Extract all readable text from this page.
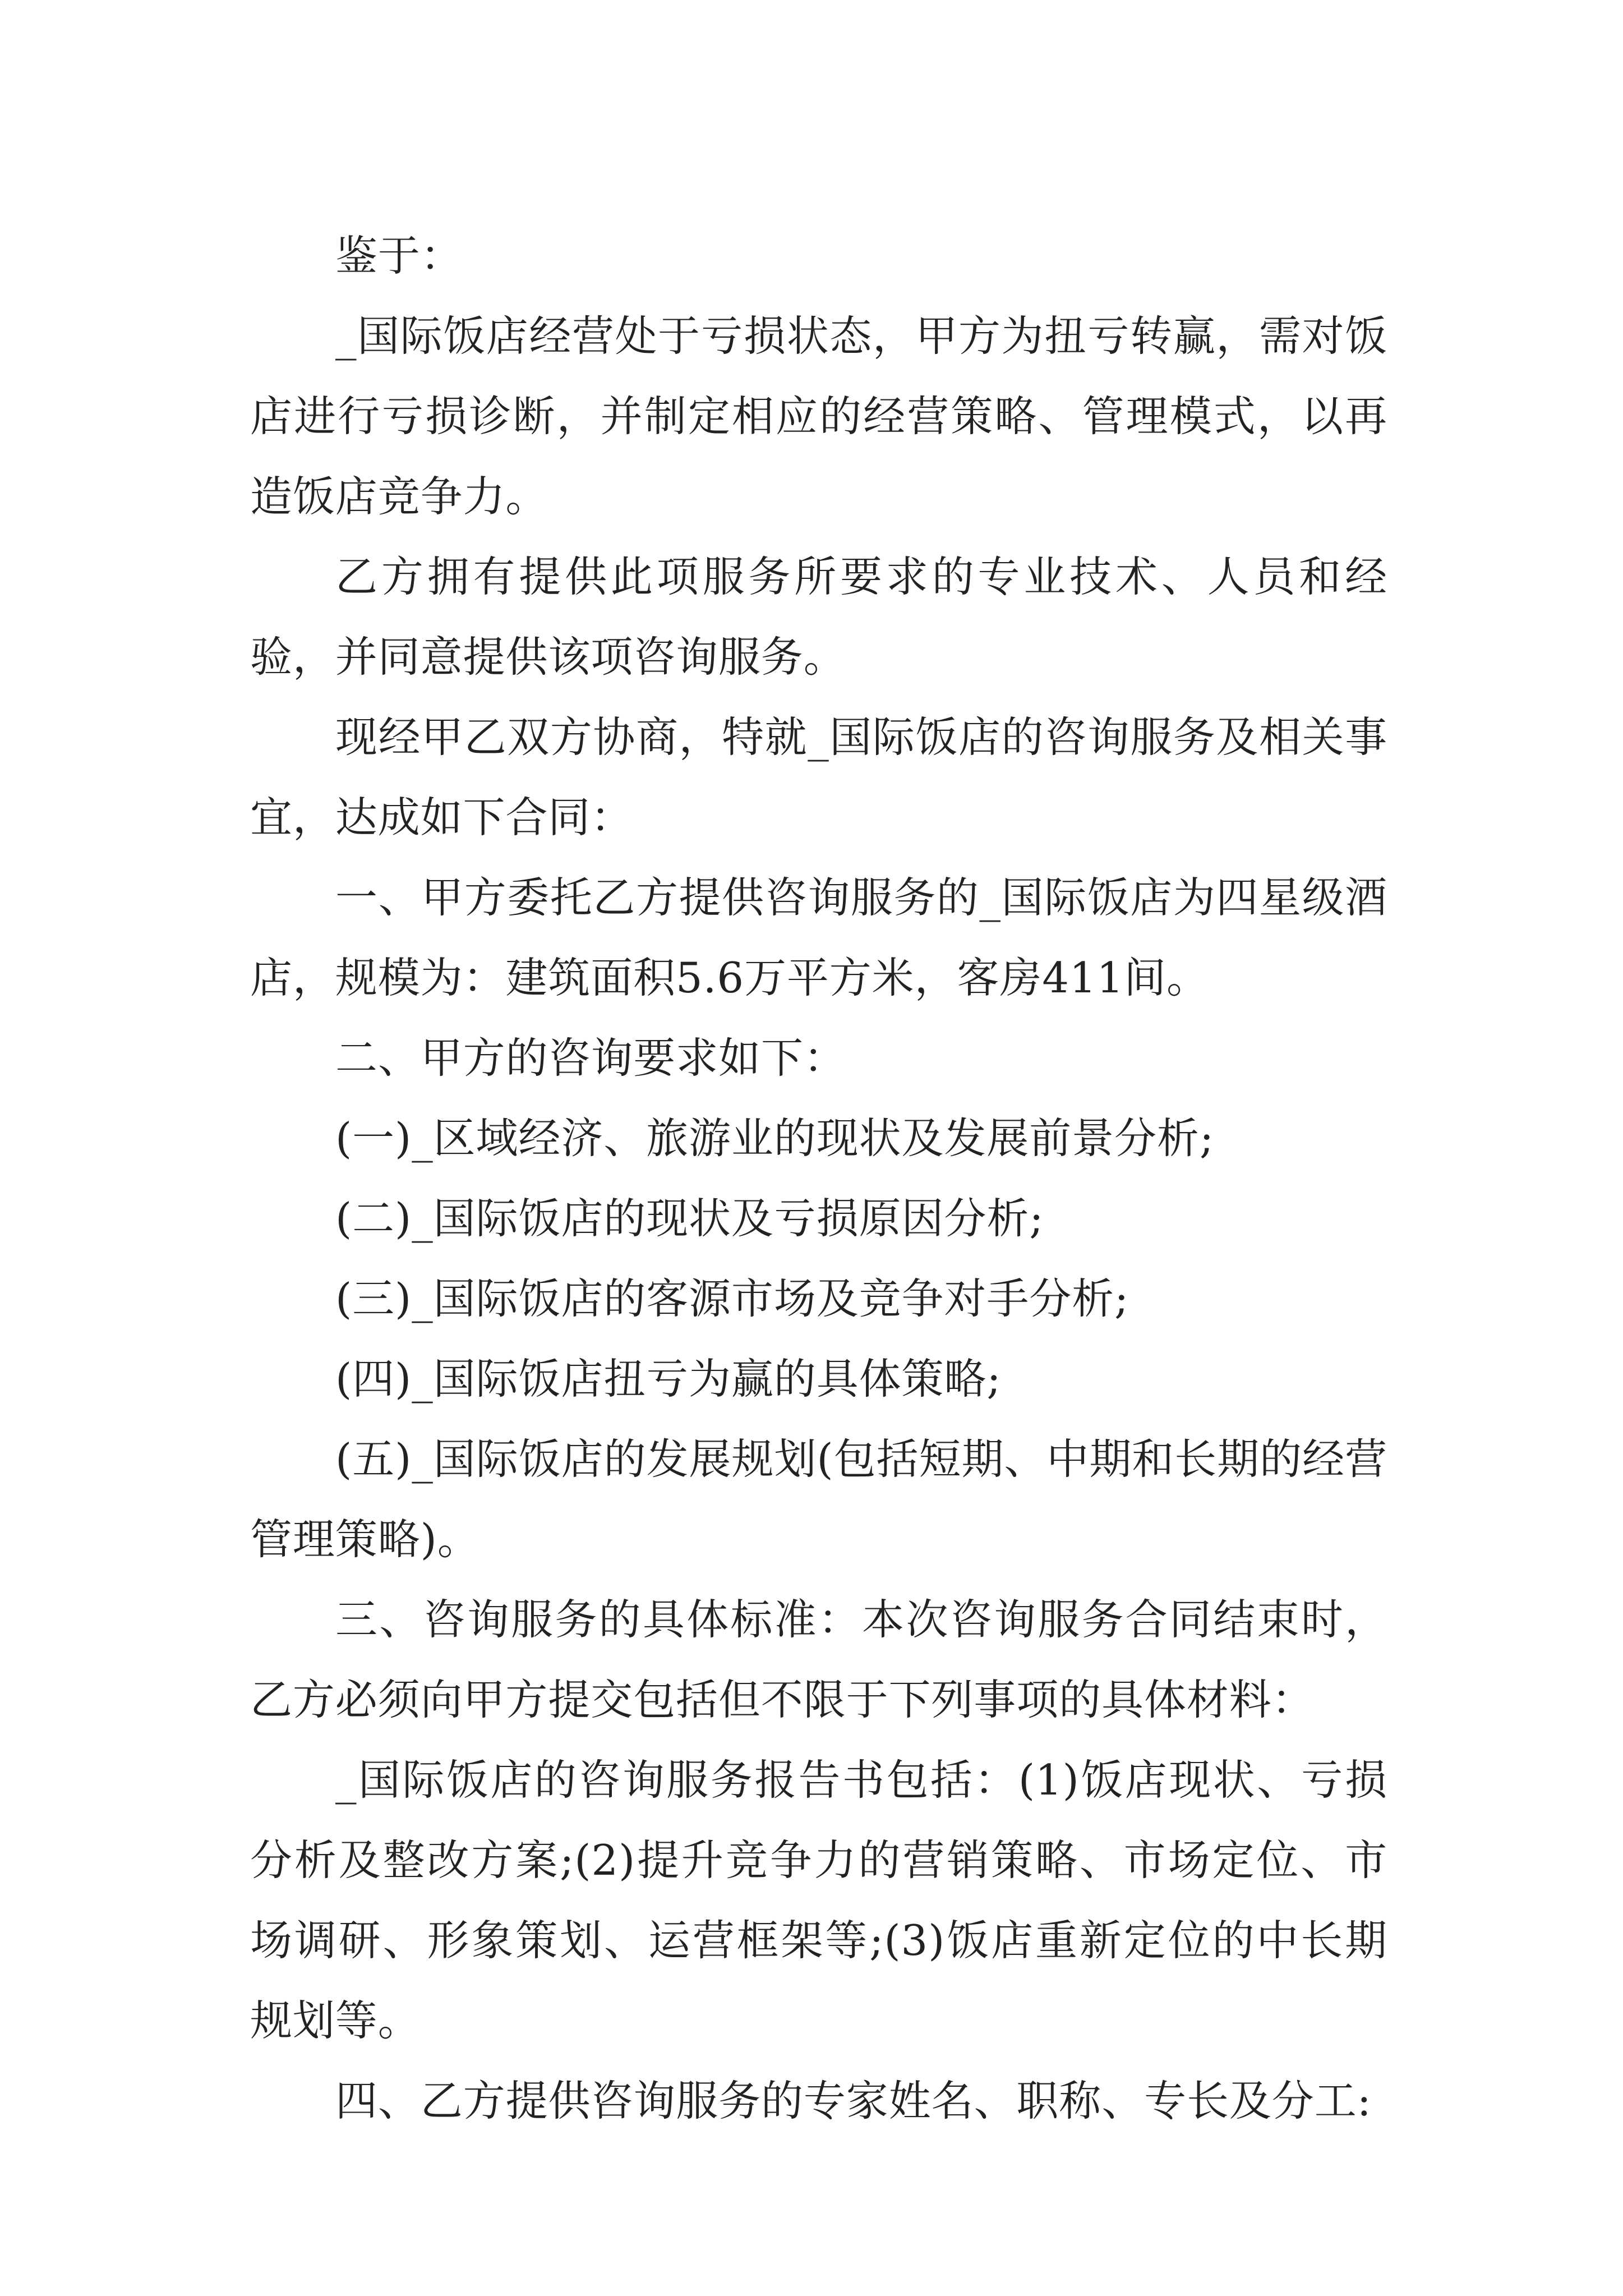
鉴于：

_国际饭店经营处于亏损状态，甲方为扭亏转赢，需对饭店进行亏损诊断，并制定相应的经营策略、管理模式，以再造饭店竞争力。

乙方拥有提供此项服务所要求的专业技术、人员和经验，并同意提供该项咨询服务。

现经甲乙双方协商，特就_国际饭店的咨询服务及相关事宜，达成如下合同：

一、甲方委托乙方提供咨询服务的_国际饭店为四星级酒店，规模为：建筑面积5.6万平方米，客房411间。

二、甲方的咨询要求如下：

(一)_区域经济、旅游业的现状及发展前景分析;

(二)_国际饭店的现状及亏损原因分析;

(三)_国际饭店的客源市场及竞争对手分析;

(四)_国际饭店扭亏为赢的具体策略;

(五)_国际饭店的发展规划(包括短期、中期和长期的经营管理策略)。

三、咨询服务的具体标准：本次咨询服务合同结束时，乙方必须向甲方提交包括但不限于下列事项的具体材料：

_国际饭店的咨询服务报告书包括：(1)饭店现状、亏损分析及整改方案;(2)提升竞争力的营销策略、市场定位、市场调研、形象策划、运营框架等;(3)饭店重新定位的中长期规划等。

四、乙方提供咨询服务的专家姓名、职称、专长及分工:
